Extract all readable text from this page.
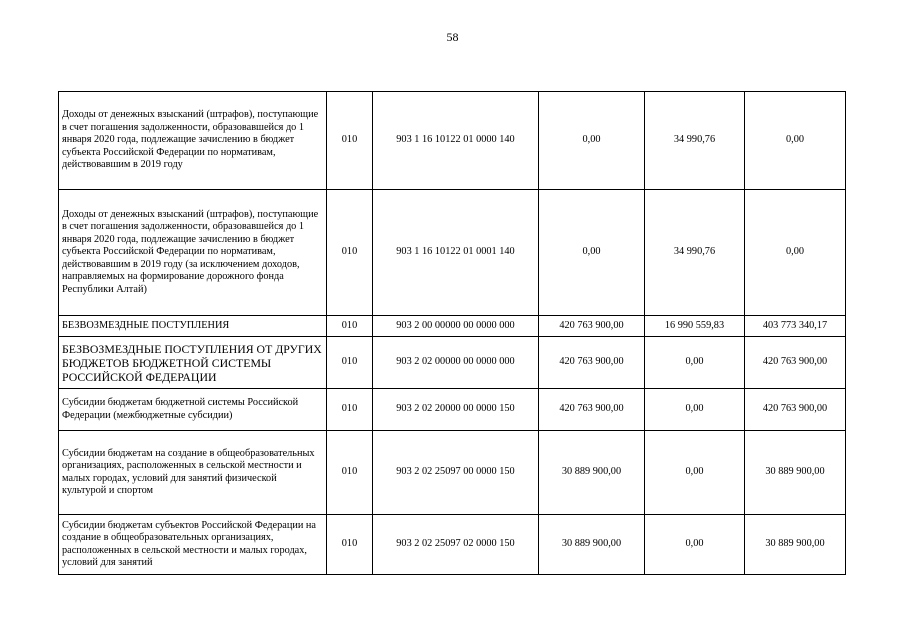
58
Доходы от денежных взысканий (штрафов), поступающие в счет погашения задолженности, образовавшейся до 1 января 2020 года, подлежащие зачислению в бюджет субъекта Российской Федерации по нормативам, действовавшим в 2019 году	010	903 1 16 10122 01 0000 140	0,00	34 990,76	0,00
Доходы от денежных взысканий (штрафов), поступающие в счет погашения задолженности, образовавшейся до 1 января 2020 года, подлежащие зачислению в бюджет субъекта Российской Федерации по нормативам, действовавшим в 2019 году (за исключением доходов, направляемых на формирование дорожного фонда Республики Алтай)	010	903 1 16 10122 01 0001 140	0,00	34 990,76	0,00
БЕЗВОЗМЕЗДНЫЕ ПОСТУПЛЕНИЯ	010	903 2 00 00000 00 0000 000	420 763 900,00	16 990 559,83	403 773 340,17
БЕЗВОЗМЕЗДНЫЕ ПОСТУПЛЕНИЯ ОТ ДРУГИХ БЮДЖЕТОВ БЮДЖЕТНОЙ СИСТЕМЫ РОССИЙСКОЙ ФЕДЕРАЦИИ	010	903 2 02 00000 00 0000 000	420 763 900,00	0,00	420 763 900,00
Субсидии бюджетам бюджетной системы Российской Федерации (межбюджетные субсидии)	010	903 2 02 20000 00 0000 150	420 763 900,00	0,00	420 763 900,00
Субсидии бюджетам на создание в общеобразовательных организациях, расположенных в сельской местности и малых городах, условий для занятий физической культурой и спортом	010	903 2 02 25097 00 0000 150	30 889 900,00	0,00	30 889 900,00
Субсидии бюджетам субъектов Российской Федерации на создание в общеобразовательных организациях, расположенных в сельской местности и малых городах, условий для занятий	010	903 2 02 25097 02 0000 150	30 889 900,00	0,00	30 889 900,00
